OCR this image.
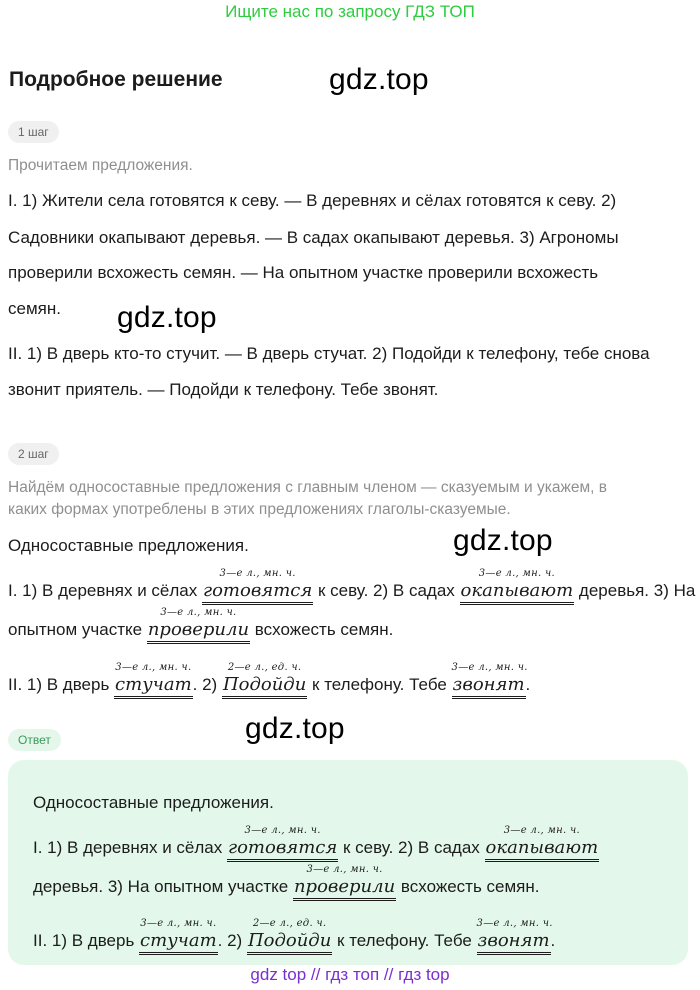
Ищите нас по запросу ГДЗ ТОП
Подробное решение	gdz.top
gdz.top
gdz.top
gdz.top
1 шаг
Прочитаем предложения.
I. 1) Жители села готовятся к севу. — В деревнях и сёлах готовятся к севу. 2)
Садовники окапывают деревья. — В садах окапывают деревья. 3) Агрономы
проверили всхожесть семян. — На опытном участке проверили всхожесть
семян.
II. 1) В дверь кто-то стучит. — В дверь стучат. 2) Подойди к телефону, тебе снова
звонит приятель. — Подойди к телефону. Тебе звонят.
2 шаг
Найдём односоставные предложения с главным членом — сказуемым и укажем, в
каких формах употреблены в этих предложениях глаголы-сказуемые.
Односоставные предложения.
I. 1) В деревнях и сёлах
3—е л., мн. ч.
готовятся к севу. 2) В садах
3—е л., мн. ч.
окапывают деревья. 3) На
опытном участке
3—е л., мн. ч.
проверили всхожесть семян.
II. 1) В дверь
3—е л., мн. ч.
стучат. 2)
2—е л., ед. ч.
Подойди к телефону. Тебе
3—е л., мн. ч.
звонят.
Ответ
Односоставные предложения.
I. 1) В деревнях и сёлах
3—е л., мн. ч.
готовятся к севу. 2) В садах
3—е л., мн. ч.
окапывают
деревья. 3) На опытном участке
3—е л., мн. ч.
проверили всхожесть семян.
II. 1) В дверь
3—е л., мн. ч.
стучат. 2)
2—е л., ед. ч.
Подойди к телефону. Тебе
3—е л., мн. ч.
звонят.
gdz top // гдз топ // гдз top
